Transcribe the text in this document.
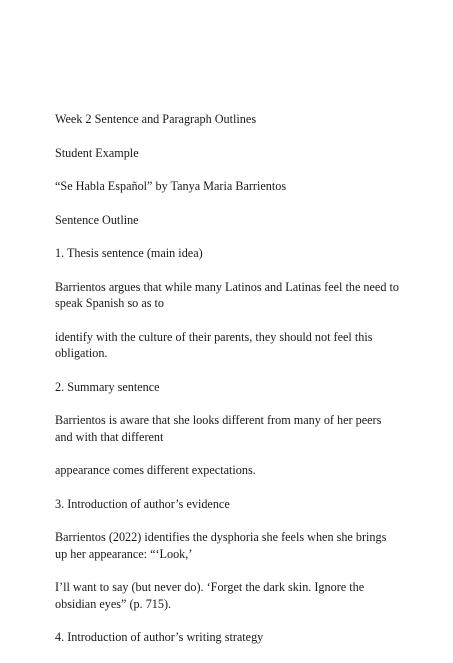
Week 2 Sentence and Paragraph Outlines

Student Example

“Se Habla Español” by Tanya Maria Barrientos

Sentence Outline

1. Thesis sentence (main idea)

Barrientos argues that while many Latinos and Latinas feel the need to speak Spanish so as to

identify with the culture of their parents, they should not feel this obligation.

2. Summary sentence

Barrientos is aware that she looks different from many of her peers and with that different

appearance comes different expectations.

3. Introduction of author’s evidence

Barrientos (2022) identifies the dysphoria she feels when she brings up her appearance: “‘Look,’

I’ll want to say (but never do). ‘Forget the dark skin. Ignore the obsidian eyes” (p. 715).

4. Introduction of author’s writing strategy
